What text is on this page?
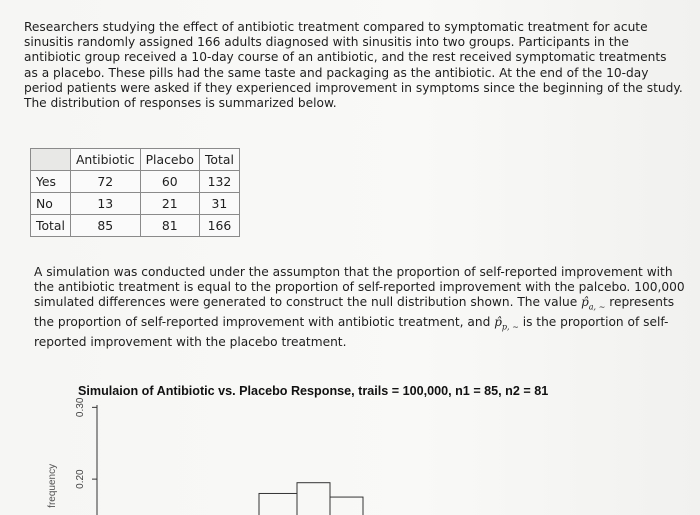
Researchers studying the effect of antibiotic treatment compared to symptomatic treatment for acute
sinusitis randomly assigned 166 adults diagnosed with sinusitis into two groups. Participants in the
antibiotic group received a 10-day course of an antibiotic, and the rest received symptomatic treatments
as a placebo. These pills had the same taste and packaging as the antibiotic. At the end of the 10-day
period patients were asked if they experienced improvement in symptoms since the beginning of the study.
The distribution of responses is summarized below.
	Antibiotic	Placebo	Total
Yes	72	60	132
No	13	21	31
Total	85	81	166
A simulation was conducted under the assumpton that the proportion of self-reported improvement with
the antibiotic treatment is equal to the proportion of self-reported improvement with the palcebo. 100,000
simulated differences were generated to construct the null distribution shown. The value $p̂_{a, \sim}$ represents
the proportion of self-reported improvement with antibiotic treatment, and $p̂_{p, \sim}$ is the proportion of self-
reported improvement with the placebo treatment.
Simulaion of Antibiotic vs. Placebo Response, trails = 100,000, n1 = 85, n2 = 81
0.30
0.20
frequency
